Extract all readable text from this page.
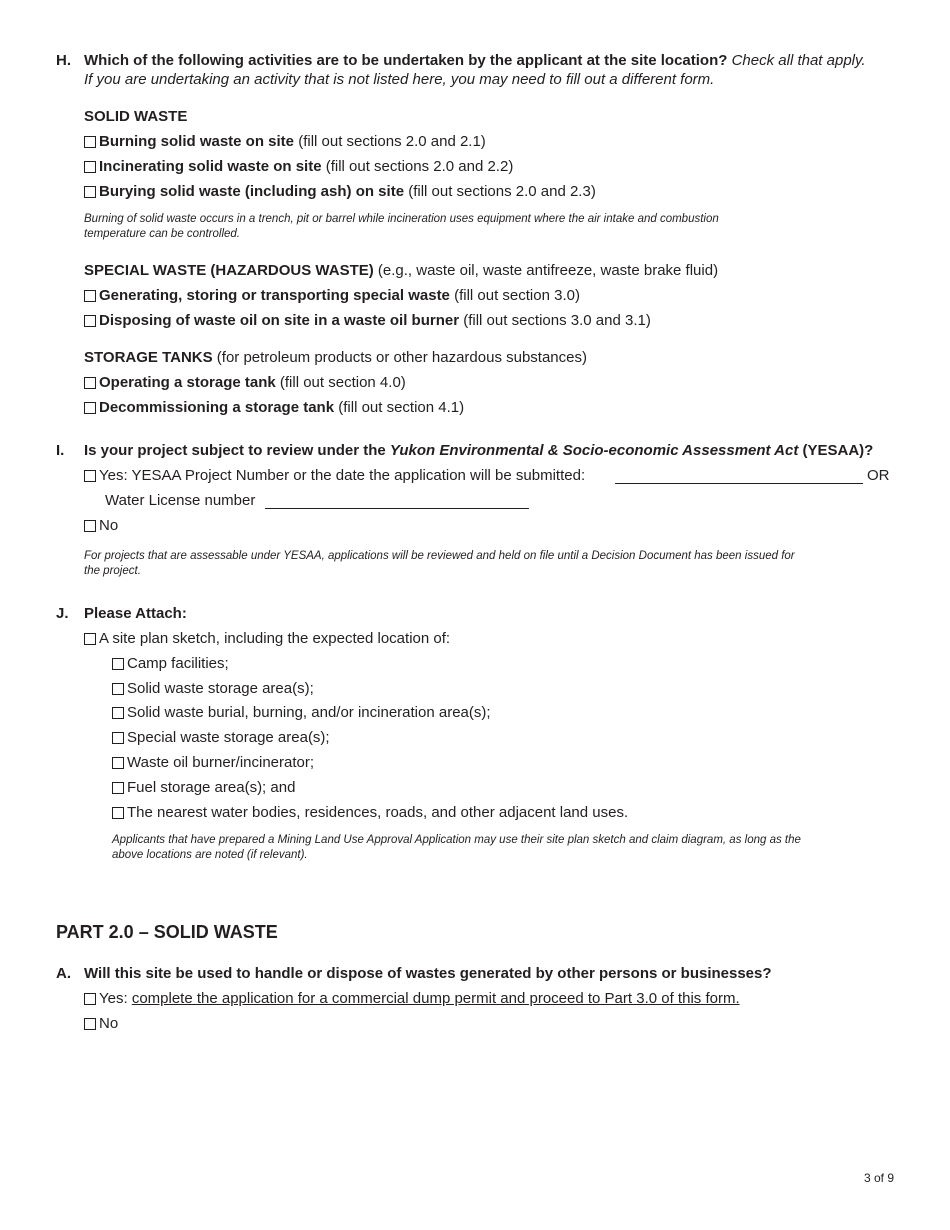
H. Which of the following activities are to be undertaken by the applicant at the site location? Check all that apply.
If you are undertaking an activity that is not listed here, you may need to fill out a different form.
SOLID WASTE
Burning solid waste on site (fill out sections 2.0 and 2.1)
Incinerating solid waste on site (fill out sections 2.0 and 2.2)
Burying solid waste (including ash) on site (fill out sections 2.0 and 2.3)
Burning of solid waste occurs in a trench, pit or barrel while incineration uses equipment where the air intake and combustion
temperature can be controlled.
SPECIAL WASTE (HAZARDOUS WASTE) (e.g., waste oil, waste antifreeze, waste brake fluid)
Generating, storing or transporting special waste (fill out section 3.0)
Disposing of waste oil on site in a waste oil burner (fill out sections 3.0 and 3.1)
STORAGE TANKS (for petroleum products or other hazardous substances)
Operating a storage tank (fill out section 4.0)
Decommissioning a storage tank (fill out section 4.1)
I. Is your project subject to review under the Yukon Environmental & Socio-economic Assessment Act (YESAA)?
Yes: YESAA Project Number or the date the application will be submitted:	OR
Water License number
No
For projects that are assessable under YESAA, applications will be reviewed and held on file until a Decision Document has been issued for
the project.
J. Please Attach:
A site plan sketch, including the expected location of:
Camp facilities;
Solid waste storage area(s);
Solid waste burial, burning, and/or incineration area(s);
Special waste storage area(s);
Waste oil burner/incinerator;
Fuel storage area(s); and
The nearest water bodies, residences, roads, and other adjacent land uses.
Applicants that have prepared a Mining Land Use Approval Application may use their site plan sketch and claim diagram, as long as the
above locations are noted (if relevant).
PART 2.0 – SOLID WASTE
A. Will this site be used to handle or dispose of wastes generated by other persons or businesses?
Yes: complete the application for a commercial dump permit and proceed to Part 3.0 of this form.
No
3 of 9
